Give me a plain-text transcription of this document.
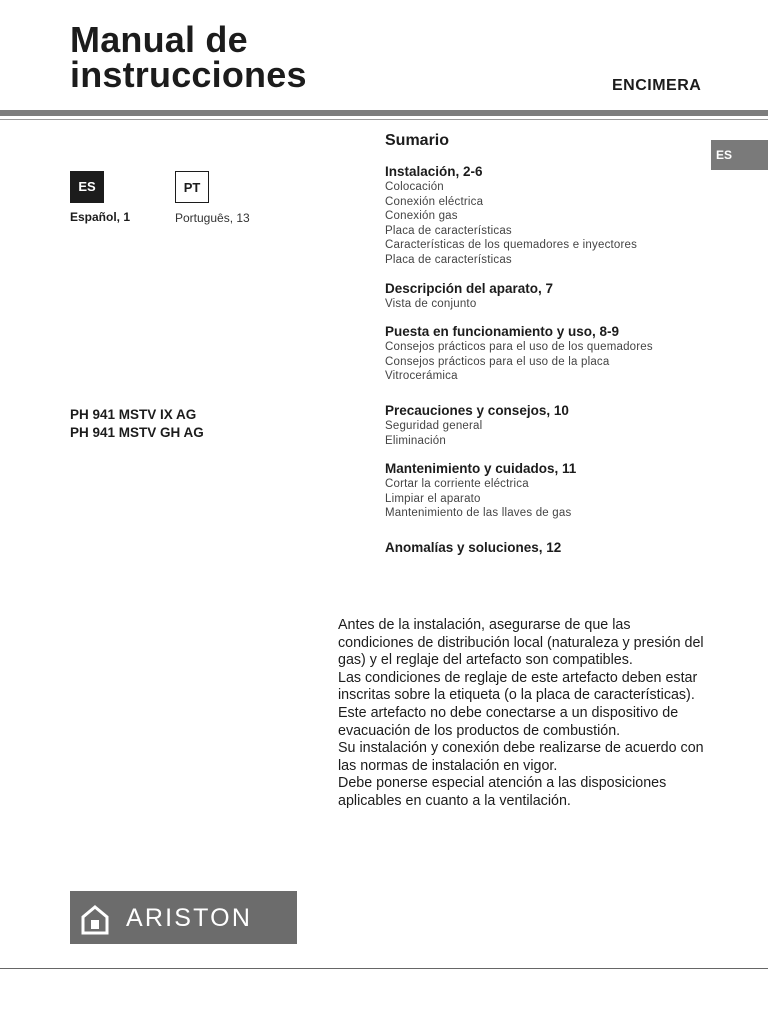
Manual de
instrucciones	ENCIMERA
ES
ES
Español, 1
PT
Português, 13
PH 941 MSTV IX AG
PH 941 MSTV GH AG
Sumario
Instalación, 2-6
Colocación
Conexión eléctrica
Conexión gas
Placa de características
Características de los quemadores e inyectores
Placa de características
Descripción del aparato, 7
Vista de conjunto
Puesta en funcionamiento y uso, 8-9
Consejos prácticos para el uso de los quemadores
Consejos prácticos para el uso de la placa
Vitrocerámica
Precauciones y consejos, 10
Seguridad general
Eliminación
Mantenimiento y cuidados, 11
Cortar la corriente eléctrica
Limpiar el aparato
Mantenimiento de las llaves de gas
Anomalías y soluciones, 12

Antes de la instalación, asegurarse de que las condiciones de distribución local (naturaleza y presión del gas) y el reglaje del artefacto son compatibles.

Las condiciones de reglaje de este artefacto deben estar inscritas sobre la etiqueta (o la placa de características).

Este artefacto no debe conectarse a un dispositivo de evacuación de los productos de combustión.

Su instalación y conexión debe realizarse de acuerdo con las normas de instalación en vigor.

Debe ponerse especial atención a las disposiciones aplicables en cuanto a la ventilación.

ARISTON
